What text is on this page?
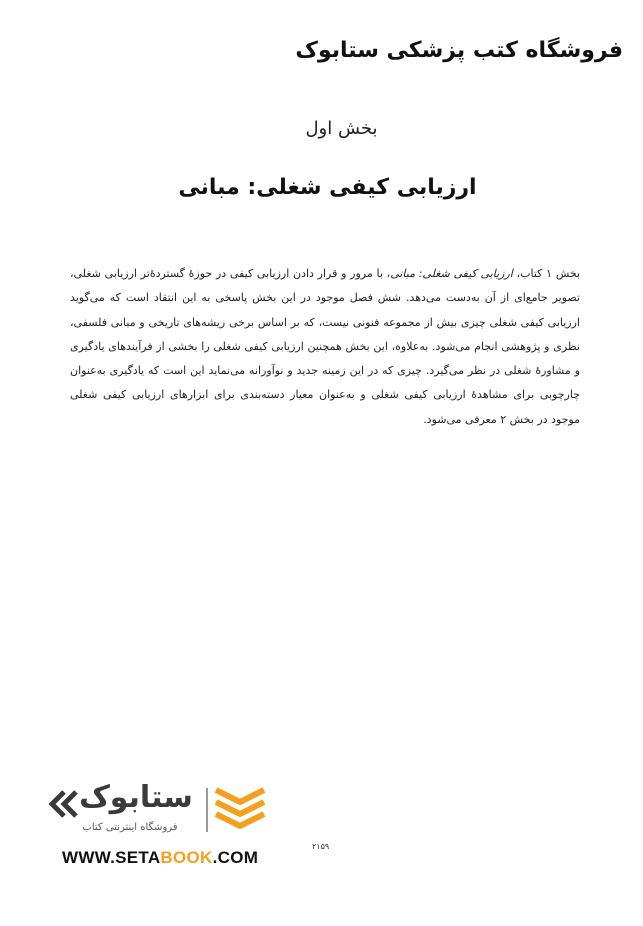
فروشگاه کتب پزشکی ستابوک
بخش اول
ارزیابی کیفی شغلی: مبانی
بخش ۱ کتاب، ارزیابی کیفی شغلی: مبانی، با مرور و قرار دادن ارزیابی کیفی در حوزهٔ گستردهٔ‌تر ارزیابی شغلی، تصویر جامع‌ای از آن به‌دست می‌دهد. شش فصل موجود در این بخش پاسخی به این انتقاد است که می‌گوید ارزیابی کیفی شغلی چیزی بیش از مجموعه فنونی نیست، که بر اساس برخی ریشه‌های تاریخی و مبانی فلسفی، نظری و پژوهشی انجام می‌شود. به‌علاوه، این بخش همچنین ارزیابی کیفی شغلی را بخشی از فرآیندهای یادگیری و مشاورهٔ شغلی در نظر می‌گیرد. چیزی که در این زمینه جدید و نوآورانه می‌نماید این است که یادگیری به‌عنوان چارچوبی برای مشاهدهٔ ارزیابی کیفی شغلی و به‌عنوان معیار دسته‌بندی برای ابزارهای ارزیابی کیفی شغلی موجود در بخش ۲ معرفی می‌شود.
ستابوک
فروشگاه اینترنتی کتاب
WWW.SETABOOK.COM
۲۱۵۹
